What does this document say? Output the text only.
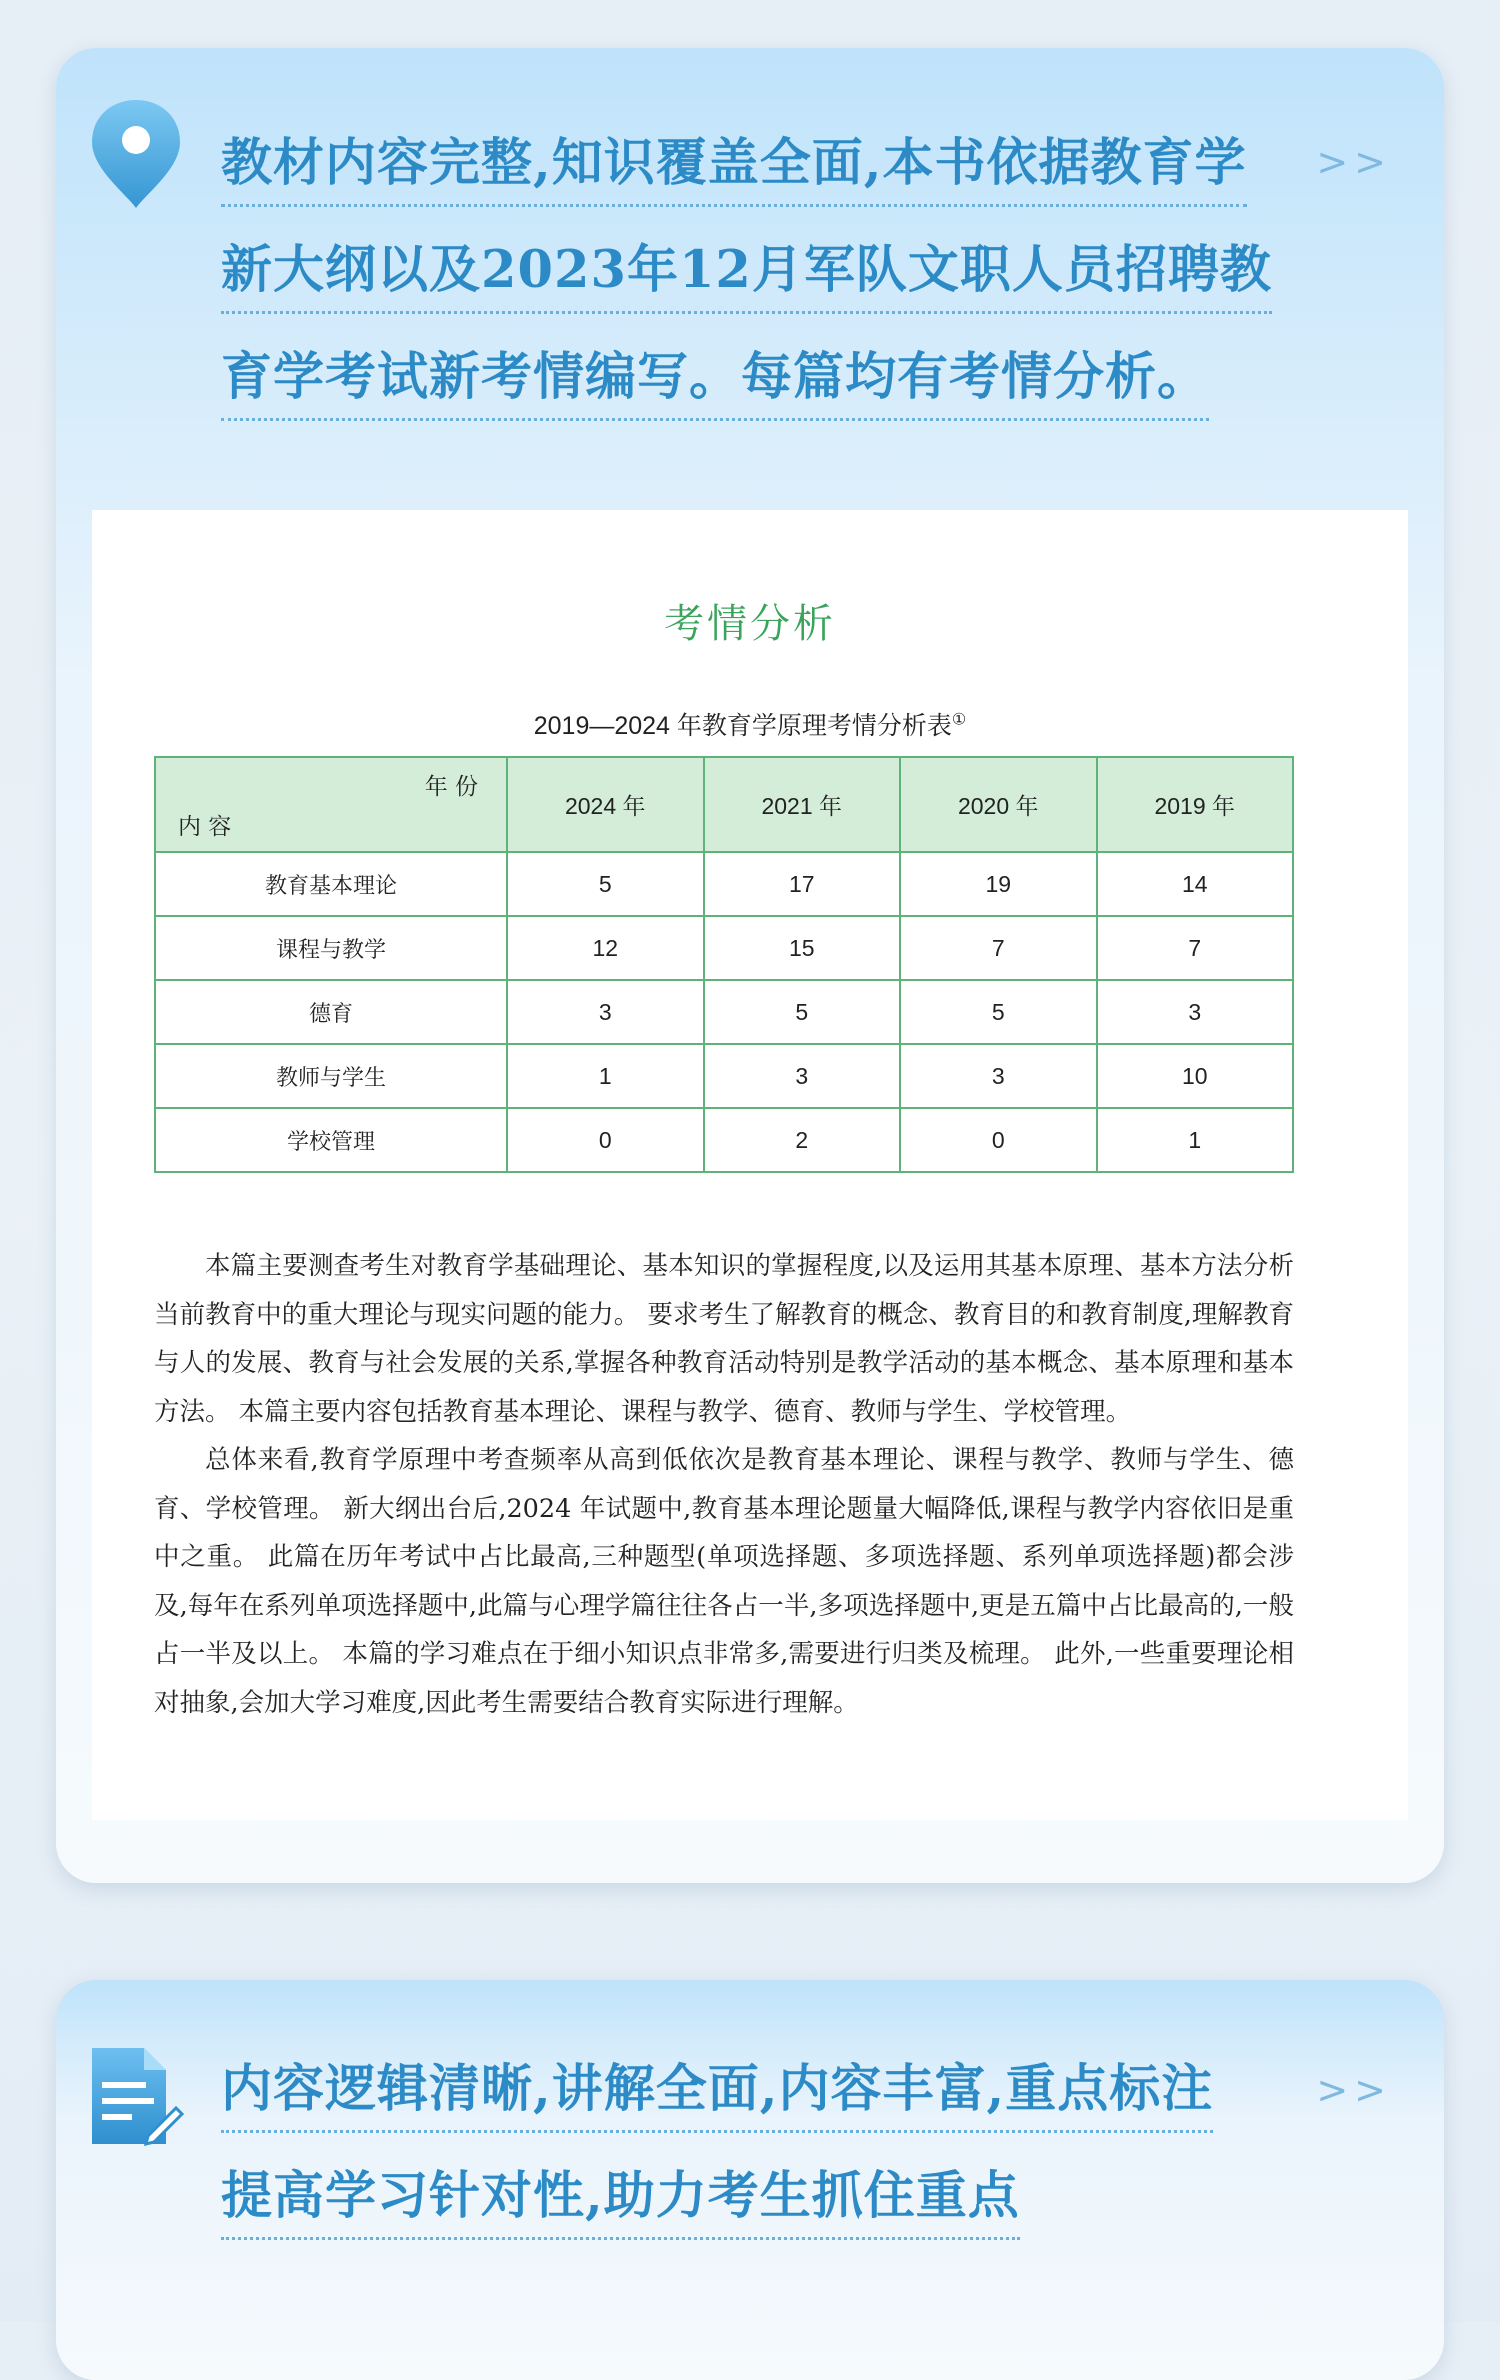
教材内容完整,知识覆盖全面,本书依据教育学
新大纲以及2023年12月军队文职人员招聘教
育学考试新考情编写。每篇均有考情分析。
>>
考情分析
2019—2024 年教育学原理考情分析表①
年 份
内 容	2024 年	2021 年	2020 年	2019 年
教育基本理论	5	17	19	14
课程与教学	12	15	7	7
德育	3	5	5	3
教师与学生	1	3	3	10
学校管理	0	2	0	1

本篇主要测查考生对教育学基础理论、基本知识的掌握程度,以及运用其基本原理、基本方法分析当前教育中的重大理论与现实问题的能力。 要求考生了解教育的概念、教育目的和教育制度,理解教育与人的发展、教育与社会发展的关系,掌握各种教育活动特别是教学活动的基本概念、基本原理和基本方法。 本篇主要内容包括教育基本理论、课程与教学、德育、教师与学生、学校管理。

总体来看,教育学原理中考查频率从高到低依次是教育基本理论、课程与教学、教师与学生、德育、学校管理。 新大纲出台后,2024 年试题中,教育基本理论题量大幅降低,课程与教学内容依旧是重中之重。 此篇在历年考试中占比最高,三种题型(单项选择题、多项选择题、系列单项选择题)都会涉及,每年在系列单项选择题中,此篇与心理学篇往往各占一半,多项选择题中,更是五篇中占比最高的,一般占一半及以上。 本篇的学习难点在于细小知识点非常多,需要进行归类及梳理。 此外,一些重要理论相对抽象,会加大学习难度,因此考生需要结合教育实际进行理解。

内容逻辑清晰,讲解全面,内容丰富,重点标注
提高学习针对性,助力考生抓住重点
>>
